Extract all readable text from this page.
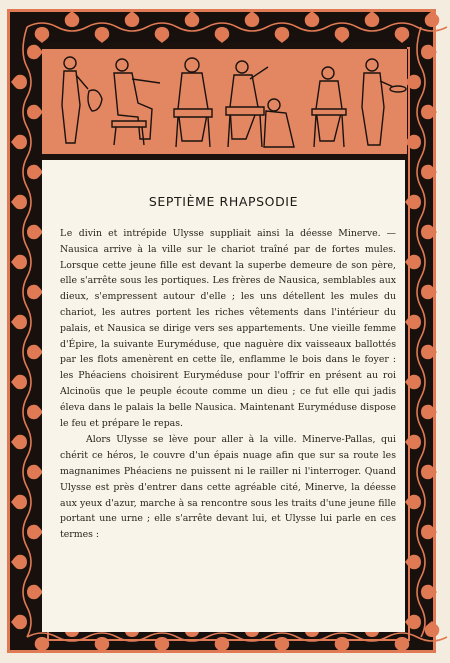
SEPTIÈME RHAPSODIE

Le divin et intrépide Ulysse suppliait ainsi la déesse Minerve. — Nausica arrive à la ville sur le chariot traîné par de fortes mules. Lorsque cette jeune fille est devant la superbe demeure de son père, elle s'arrête sous les portiques. Les frères de Nausica, semblables aux dieux, s'empressent autour d'elle ; les uns détellent les mules du chariot, les autres portent les riches vêtements dans l'intérieur du palais, et Nausica se dirige vers ses appartements. Une vieille femme d'Épire, la suivante Euryméduse, que naguère dix vaisseaux ballottés par les flots amenèrent en cette île, enflamme le bois dans le foyer : les Phéaciens choisirent Euryméduse pour l'offrir en présent au roi Alcinoüs que le peuple écoute comme un dieu ; ce fut elle qui jadis éleva dans le palais la belle Nausica. Maintenant Euryméduse dispose le feu et prépare le repas.

Alors Ulysse se lève pour aller à la ville. Minerve-Pallas, qui chérit ce héros, le couvre d'un épais nuage afin que sur sa route les magnanimes Phéaciens ne puissent ni le railler ni l'interroger. Quand Ulysse est près d'entrer dans cette agréable cité, Minerve, la déesse aux yeux d'azur, marche à sa rencontre sous les traits d'une jeune fille portant une urne ; elle s'arrête devant lui, et Ulysse lui parle en ces termes :
